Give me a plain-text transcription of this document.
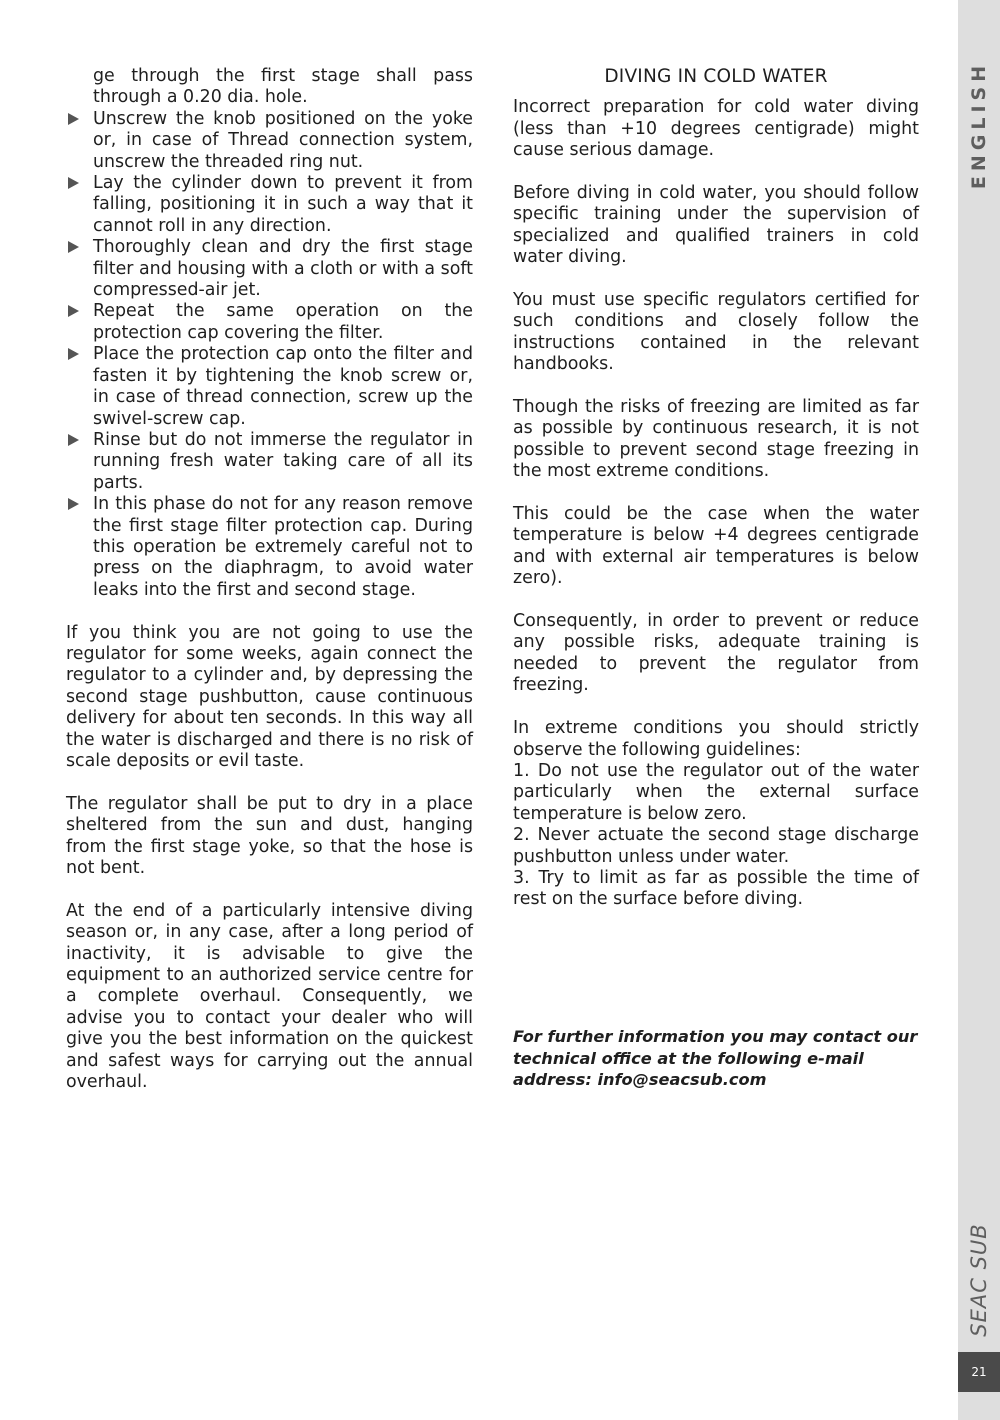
ge through the first stage shall pass through a 0.20 dia. hole.

Unscrew the knob positioned on the yoke or, in case of Thread connection system, unscrew the threaded ring nut.
Lay the cylinder down to prevent it from falling, positioning it in such a way that it cannot roll in any direction.
Thoroughly clean and dry the first stage filter and housing with a cloth or with a soft compressed-air jet.
Repeat the same operation on the protection cap covering the filter.
Place the protection cap onto the filter and fasten it by tightening the knob screw or, in case of thread connection, screw up the swivel-screw cap.
Rinse but do not immerse the regulator in running fresh water taking care of all its parts.
In this phase do not for any reason remove the first stage filter protection cap. During this operation be extremely careful not to press on the diaphragm, to avoid water leaks into the first and second stage.

If you think you are not going to use the regulator for some weeks, again connect the regulator to a cylinder and, by depressing the second stage pushbutton, cause continuous delivery for about ten seconds. In this way all the water is discharged and there is no risk of scale deposits or evil taste.

The regulator shall be put to dry in a place sheltered from the sun and dust, hanging from the first stage yoke, so that the hose is not bent.

At the end of a particularly intensive diving season or, in any case, after a long period of inactivity, it is advisable to give the equipment to an authorized service centre for a complete overhaul. Consequently, we advise you to contact your dealer who will give you the best information on the quickest and safest ways for carrying out the annual overhaul.

DIVING IN COLD WATER

Incorrect preparation for cold water diving (less than +10 degrees centigrade) might cause serious damage.

Before diving in cold water, you should follow specific training under the supervision of specialized and qualified trainers in cold water diving.

You must use specific regulators certified for such conditions and closely follow the instructions contained in the relevant handbooks.

Though the risks of freezing are limited as far as possible by continuous research, it is not possible to prevent second stage freezing in the most extreme conditions.

This could be the case when the water temperature is below +4 degrees centigrade and with external air temperatures is below zero).

Consequently, in order to prevent or reduce any possible risks, adequate training is needed to prevent the regulator from freezing.

In extreme conditions you should strictly observe the following guidelines:

1. Do not use the regulator out of the water particularly when the external surface temperature is below zero.

2. Never actuate the second stage discharge pushbutton unless under water.

3. Try to limit as far as possible the time of rest on the surface before diving.

For further information you may contact our technical office at the following e-mail address: info@seacsub.com

ENGLISH
SEAC SUB
21
